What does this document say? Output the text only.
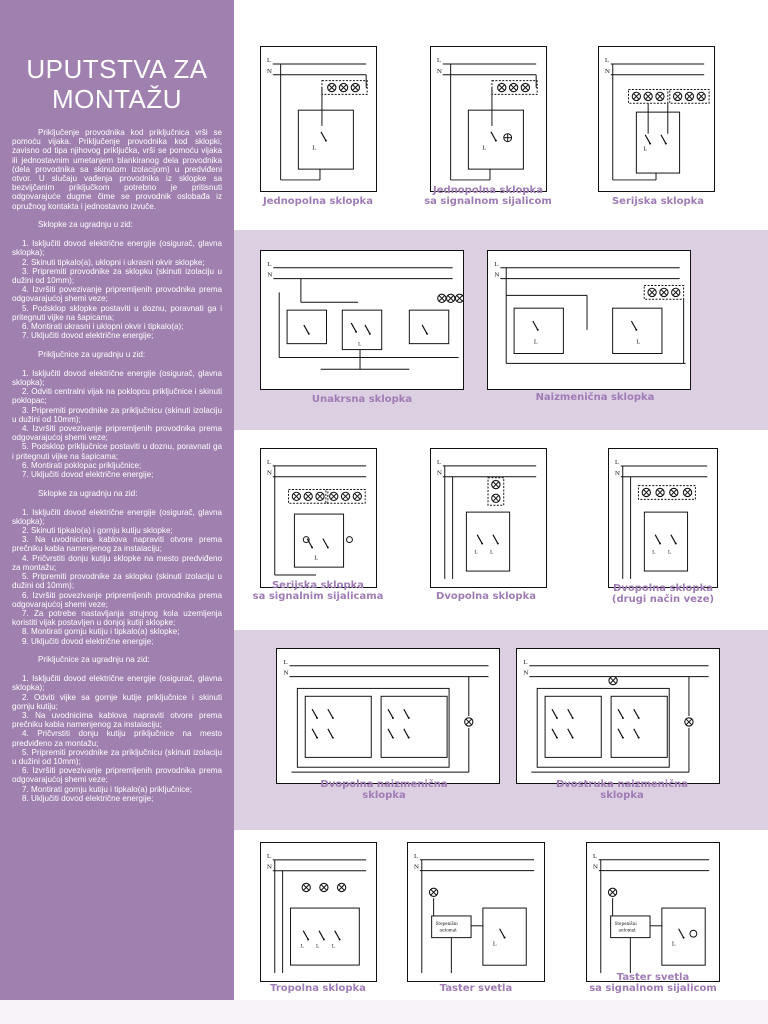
UPUTSTVA ZA
MONTAŽU

Priključenje provodnika kod priključnica vrši se pomoću vijaka. Priključenje provodnika kod sklopki, zavisno od tipa njihovog priključka, vrši se pomoću vijaka ili jednostavnim umetanjem blankiranog dela provodnika (dela provodnika sa skinutom izolacijom) u predviđeni otvor. U slučaju vađenja provodnika iz sklopke sa bezvijčanim priključkom potrebno je pritisnuti odgovarajuće dugme čime se provodnik oslobađa iz opružnog kontakta i jednostavno izvuče.

Sklopke za ugradnju u zid:

1. Isključiti dovod električne energije (osigurač, glavna sklopka);
2. Skinuti tipkalo(a), uklopni i ukrasni okvir sklopke;
3. Pripremiti provodnike za sklopku (skinuti izolaciju u dužini od 10mm);
4. Izvršiti povezivanje pripremljenih provodnika prema odgovarajućoj shemi veze;
5. Podsklop sklopke postaviti u doznu, poravnati ga i pritegnuti vijke na šapicama;
6. Montirati ukrasni i uklopni okvir i tipkalo(a);
7. Uključiti dovod električne energije;

Priključnice za ugradnju u zid:

1. Isključiti dovod električne energije (osigurač, glavna sklopka);
2. Odviti centralni vijak na poklopcu priključnice i skinuti poklopac;
3. Pripremiti provodnike za priključnicu (skinuti izolaciju u dužini od 10mm);
4. Izvršiti povezivanje pripremljenih provodnika prema odgovarajućoj shemi veze;
5. Podsklop priključnice postaviti u doznu, poravnati ga i pritegnuti vijke na šapicama;
6. Montirati poklopac priključnice;
7. Uključiti dovod električne energije;

Sklopke za ugradnju na zid:

1. Isključiti dovod električne energije (osigurač, glavna sklopka);
2. Skinuti tipkalo(a) i gornju kutiju sklopke;
3. Na uvodnicima kablova napraviti otvore prema prečniku kabla namenjenog za instalaciju;
4. Pričvrstiti donju kutiju sklopke na mesto predviđeno za montažu;
5. Pripremiti provodnike za sklopku (skinuti izolaciju u dužini od 10mm);
6. Izvršiti povezivanje pripremljenih provodnika prema odgovarajućoj shemi veze;
7. Za potrebe nastavljanja strujnog kola uzemljenja koristiti vijak postavljen u donjoj kutiji sklopke;
8. Montirati gornju kutiju i tipkalo(a) sklopke;
9. Uključiti dovod električne energije;

Priključnice za ugradnju na zid:

1. Isključiti dovod električne energije (osigurač, glavna sklopka);
2. Odviti vijke sa gornje kutije priključnice i skinuti gornju kutiju;
3. Na uvodnicima kablova napraviti otvore prema prečniku kabla namenjenog za instalaciju;
4. Pričvrstiti donju kutiju priključnice na mesto predviđeno za montažu;
5. Pripremiti provodnike za priključnicu (skinuti izolaciju u dužini od 10mm);
6. Izvršiti povezivanje pripremljenih provodnika prema odgovarajućoj shemi veze;
7. Montirati gornju kutiju i tipkalo(a) priključnice;
8. Uključiti dovod električne energije;
L
N
L
Jednopolna sklopka
L
N
L
Jednopolna sklopka
sa signalnom sijalicom
L
N
L
Serijska sklopka
L
N
L
Unakrsna sklopka
L
N
L	L
Naizmenična sklopka
L
N
L
Serijska sklopka
sa signalnim sijalicama
L
N
L L
Dvopolna sklopka
L
N
L L
Dvopolna sklopka
(drugi način veze)
L
N
Dvopolna naizmenična
sklopka
L
N
Dvostruka naizmenična
sklopka
L
N
L L L
Tropolna sklopka
L
N
Stepenišni
automat
L
Taster svetla
L
N
Stepenišni
automat
L
Taster svetla
sa signalnom sijalicom
